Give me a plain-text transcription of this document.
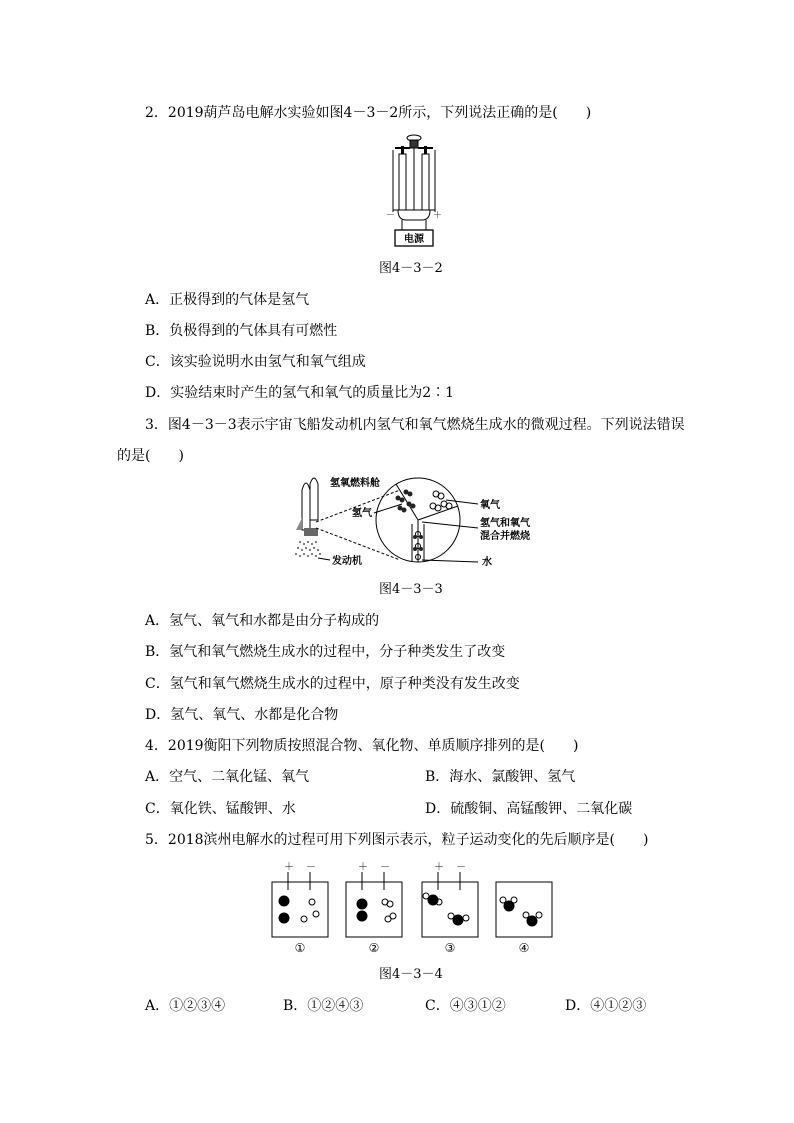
2．2019葫芦岛电解水实验如图4－3－2所示，下列说法正确的是(　　)
－	＋
电源
图4－3－2
A．正极得到的气体是氢气
B．负极得到的气体具有可燃性
C．该实验说明水由氢气和氧气组成
D．实验结束时产生的氢气和氧气的质量比为2∶1
3．图4－3－3表示宇宙飞船发动机内氢气和氧气燃烧生成水的微观过程。下列说法错误
的是(　　)
氢氧燃料舱
氢气
氧气
氢气和氧气
混合并燃烧
发动机	水
图4－3－3
A．氢气、氧气和水都是由分子构成的
B．氢气和氧气燃烧生成水的过程中，分子种类发生了改变
C．氢气和氧气燃烧生成水的过程中，原子种类没有发生改变
D．氢气、氧气、水都是化合物
4．2019衡阳下列物质按照混合物、氧化物、单质顺序排列的是(　　)
A．空气、二氧化锰、氧气	B．海水、氯酸钾、氢气
C．氧化铁、锰酸钾、水	D．硫酸铜、高锰酸钾、二氧化碳
5．2018滨州电解水的过程可用下列图示表示，粒子运动变化的先后顺序是(　　)
＋ －
①
＋ －
②
＋ －
③	④
图4－3－4
A．①②③④	B．①②④③	C．④③①②	D．④①②③
